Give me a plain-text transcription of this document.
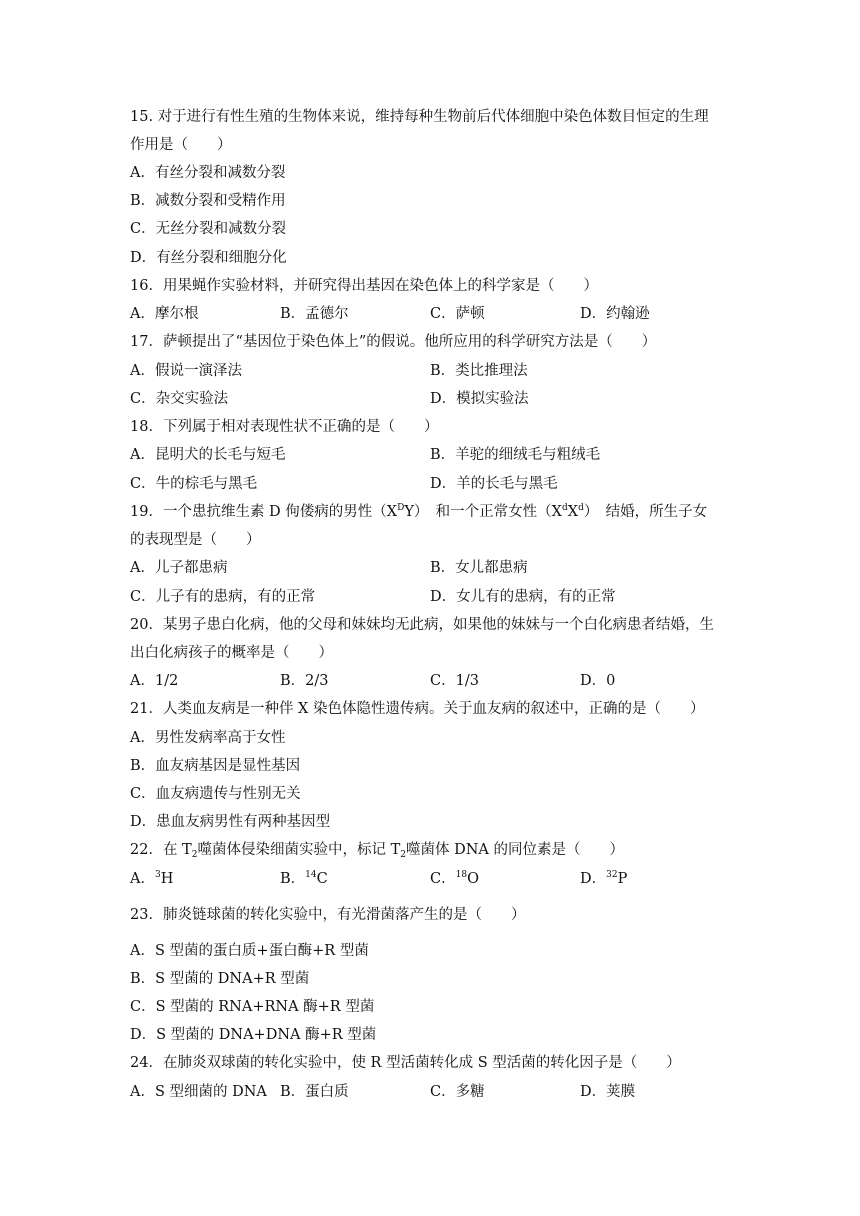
15. 对于进行有性生殖的生物体来说，维持每种生物前后代体细胞中染色体数目恒定的生理
作用是（　　）
A．有丝分裂和减数分裂
B．减数分裂和受精作用
C．无丝分裂和减数分裂
D．有丝分裂和细胞分化
16．用果蝇作实验材料，并研究得出基因在染色体上的科学家是（　　）
A．摩尔根	B．孟德尔	C．萨顿	D．约翰逊
17．萨顿提出了“基因位于染色体上”的假说。他所应用的科学研究方法是（　　）
A．假说一演泽法	B．类比推理法
C．杂交实验法	D．模拟实验法
18．下列属于相对表现性状不正确的是（　　）
A．昆明犬的长毛与短毛	B．羊驼的细绒毛与粗绒毛
C．牛的棕毛与黑毛	D．羊的长毛与黑毛
19．一个患抗维生素 D 佝偻病的男性$(X^DY)$　和一个正常女性$(X^dX^d)$　结婚，所生子女
的表现型是（　　）
A．儿子都患病	B．女儿都患病
C．儿子有的患病，有的正常	D．女儿有的患病，有的正常
20．某男子患白化病，他的父母和妹妹均无此病，如果他的妹妹与一个白化病患者结婚，生
出白化病孩子的概率是（　　）
A．1/2	B．2/3	C．1/3	D．0
21．人类血友病是一种伴 X 染色体隐性遗传病。关于血友病的叙述中，正确的是（　　）
A．男性发病率高于女性
B．血友病基因是显性基因
C．血友病遗传与性别无关
D．患血友病男性有两种基因型
22．在 $T_2$噬菌体侵染细菌实验中，标记 $T_2$噬菌体 DNA 的同位素是（　　）
A．$^3$H	B．$^{14}$C	C．$^{18}$O	D．$^{32}$P
23．肺炎链球菌的转化实验中，有光滑菌落产生的是（　　）
A．S 型菌的蛋白质+蛋白酶+R 型菌
B．S 型菌的 DNA+R 型菌
C．S 型菌的 RNA+RNA 酶+R 型菌
D．S 型菌的 DNA+DNA 酶+R 型菌
24．在肺炎双球菌的转化实验中，使 R 型活菌转化成 S 型活菌的转化因子是（　　）
A．S 型细菌的 DNA B．蛋白质	C．多糖	D．荚膜
